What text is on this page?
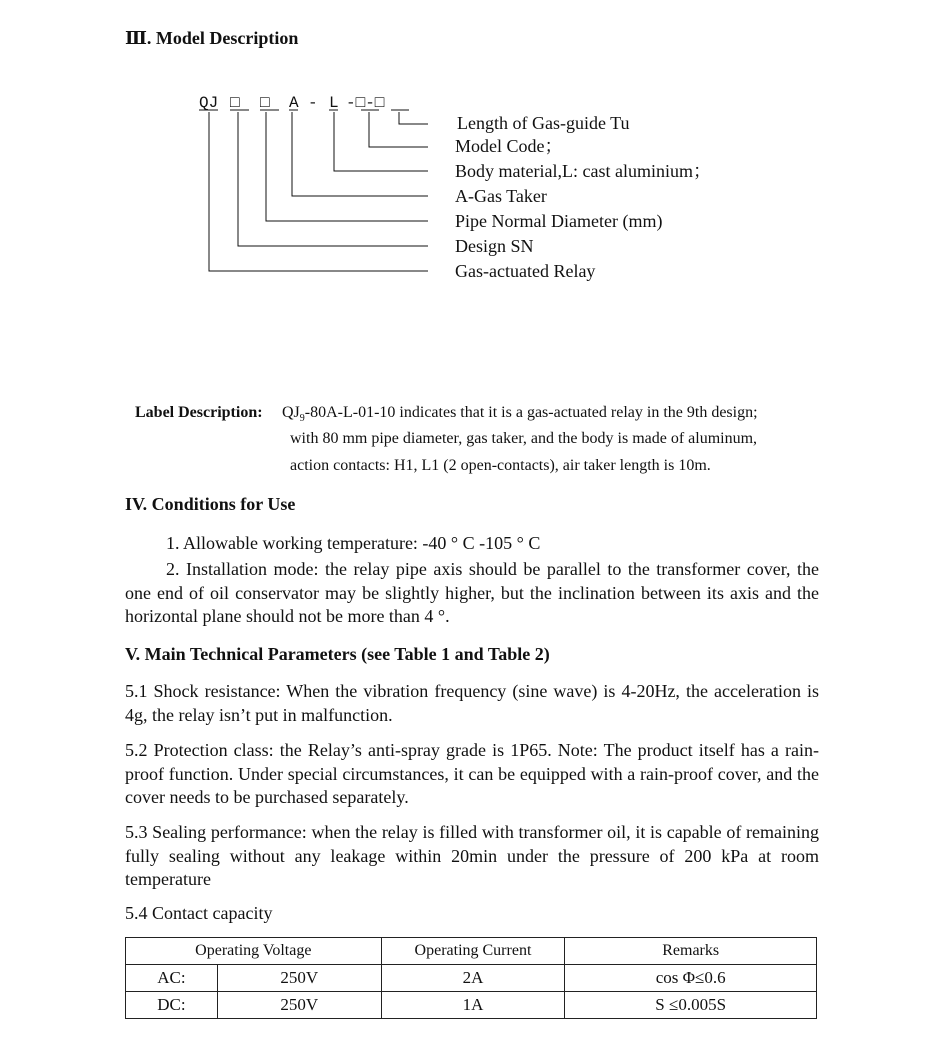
Ⅲ. Model Description
QJ □ □ A - L -□-□
Length of Gas-guide Tu
Model Code；
Body material,L: cast aluminium；
A-Gas Taker
Pipe Normal Diameter (mm)
Design SN
Gas-actuated Relay
Label Description: $QJ_9-80A-L-01-10$ indicates that it is a gas-actuated relay in the 9th design;
with 80 mm pipe diameter, gas taker, and the body is made of aluminum,
action contacts: H1, L1 (2 open-contacts), air taker length is 10m.
IV. Conditions for Use
1. Allowable working temperature: -40 ° C -105 ° C
2. Installation mode: the relay pipe axis should be parallel to the transformer cover, the one end of oil conservator may be slightly higher, but the inclination between its axis and the horizontal plane should not be more than 4 °.
V. Main Technical Parameters (see Table 1 and Table 2)
5.1 Shock resistance: When the vibration frequency (sine wave) is 4-20Hz, the acceleration is 4g, the relay isn’t put in malfunction.
5.2 Protection class: the Relay’s anti-spray grade is 1P65. Note: The product itself has a rain-proof function. Under special circumstances, it can be equipped with a rain-proof cover, and the cover needs to be purchased separately.
5.3 Sealing performance: when the relay is filled with transformer oil, it is capable of remaining fully sealing without any leakage within 20min under the pressure of 200 kPa at room temperature
5.4 Contact capacity
Operating Voltage		Operating Current	Remarks
AC:	250V	2A	cos Φ≤0.6
DC:	250V	1A	S ≤0.005S
